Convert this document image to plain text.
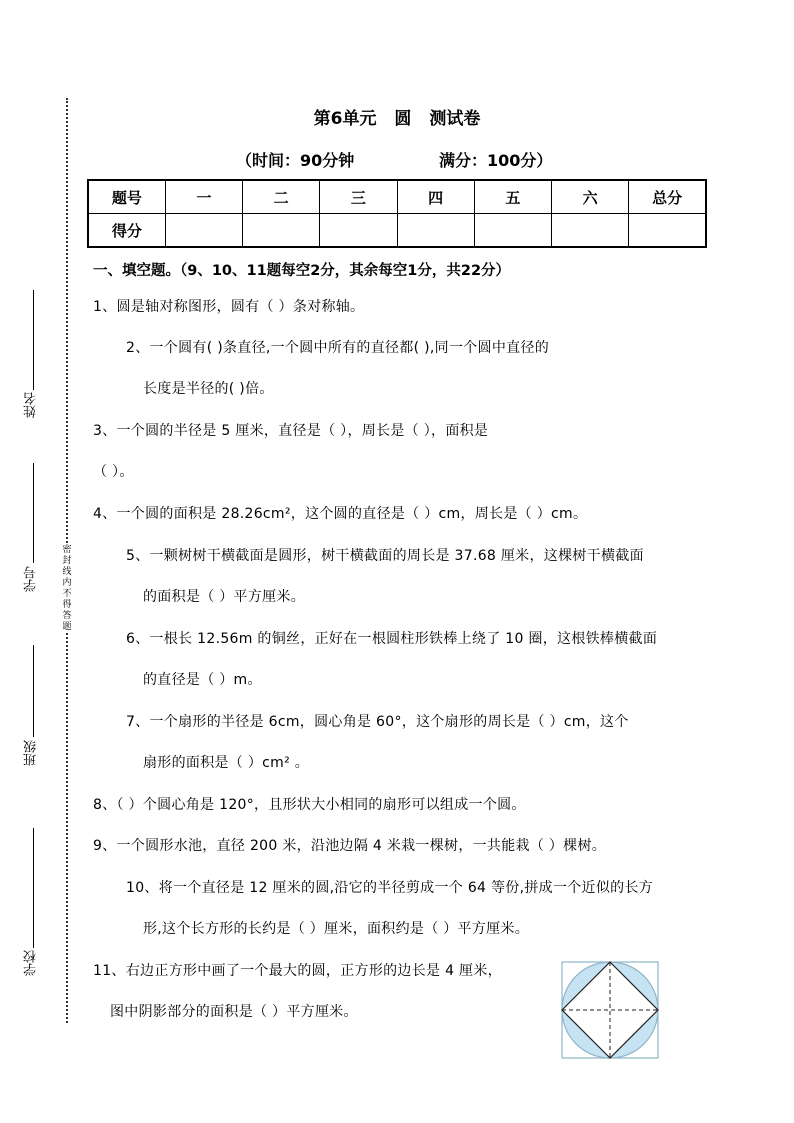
密封线内不得答题
姓名
学号
班级
学校
第6单元 圆 测试卷
（时间：90分钟	满分：100分）
题号	一	二	三	四	五	六	总分
得分							
一、填空题。（9、10、11题每空2分，其余每空1分，共22分）
1、圆是轴对称图形，圆有（ ）条对称轴。
2、一个圆有( )条直径,一个圆中所有的直径都( ),同一个圆中直径的
长度是半径的( )倍。
3、一个圆的半径是 5 厘米，直径是（ ），周长是（ ），面积是
（ ）。
4、一个圆的面积是 28.26cm²，这个圆的直径是（ ）cm，周长是（ ）cm。
5、一颗树树干横截面是圆形，树干横截面的周长是 37.68 厘米，这棵树干横截面
的面积是（ ）平方厘米。
6、一根长 12.56m 的铜丝，正好在一根圆柱形铁棒上绕了 10 圈，这根铁棒横截面
的直径是（ ）m。
7、一个扇形的半径是 6cm，圆心角是 60°，这个扇形的周长是（ ）cm，这个
扇形的面积是（ ）cm² 。
8、（ ）个圆心角是 120°，且形状大小相同的扇形可以组成一个圆。
9、一个圆形水池，直径 200 米，沿池边隔 4 米栽一棵树，一共能栽（ ）棵树。
10、将一个直径是 12 厘米的圆,沿它的半径剪成一个 64 等份,拼成一个近似的长方
形,这个长方形的长约是（ ）厘米，面积约是（ ）平方厘米。
11、右边正方形中画了一个最大的圆，正方形的边长是 4 厘米，
图中阴影部分的面积是（ ）平方厘米。
